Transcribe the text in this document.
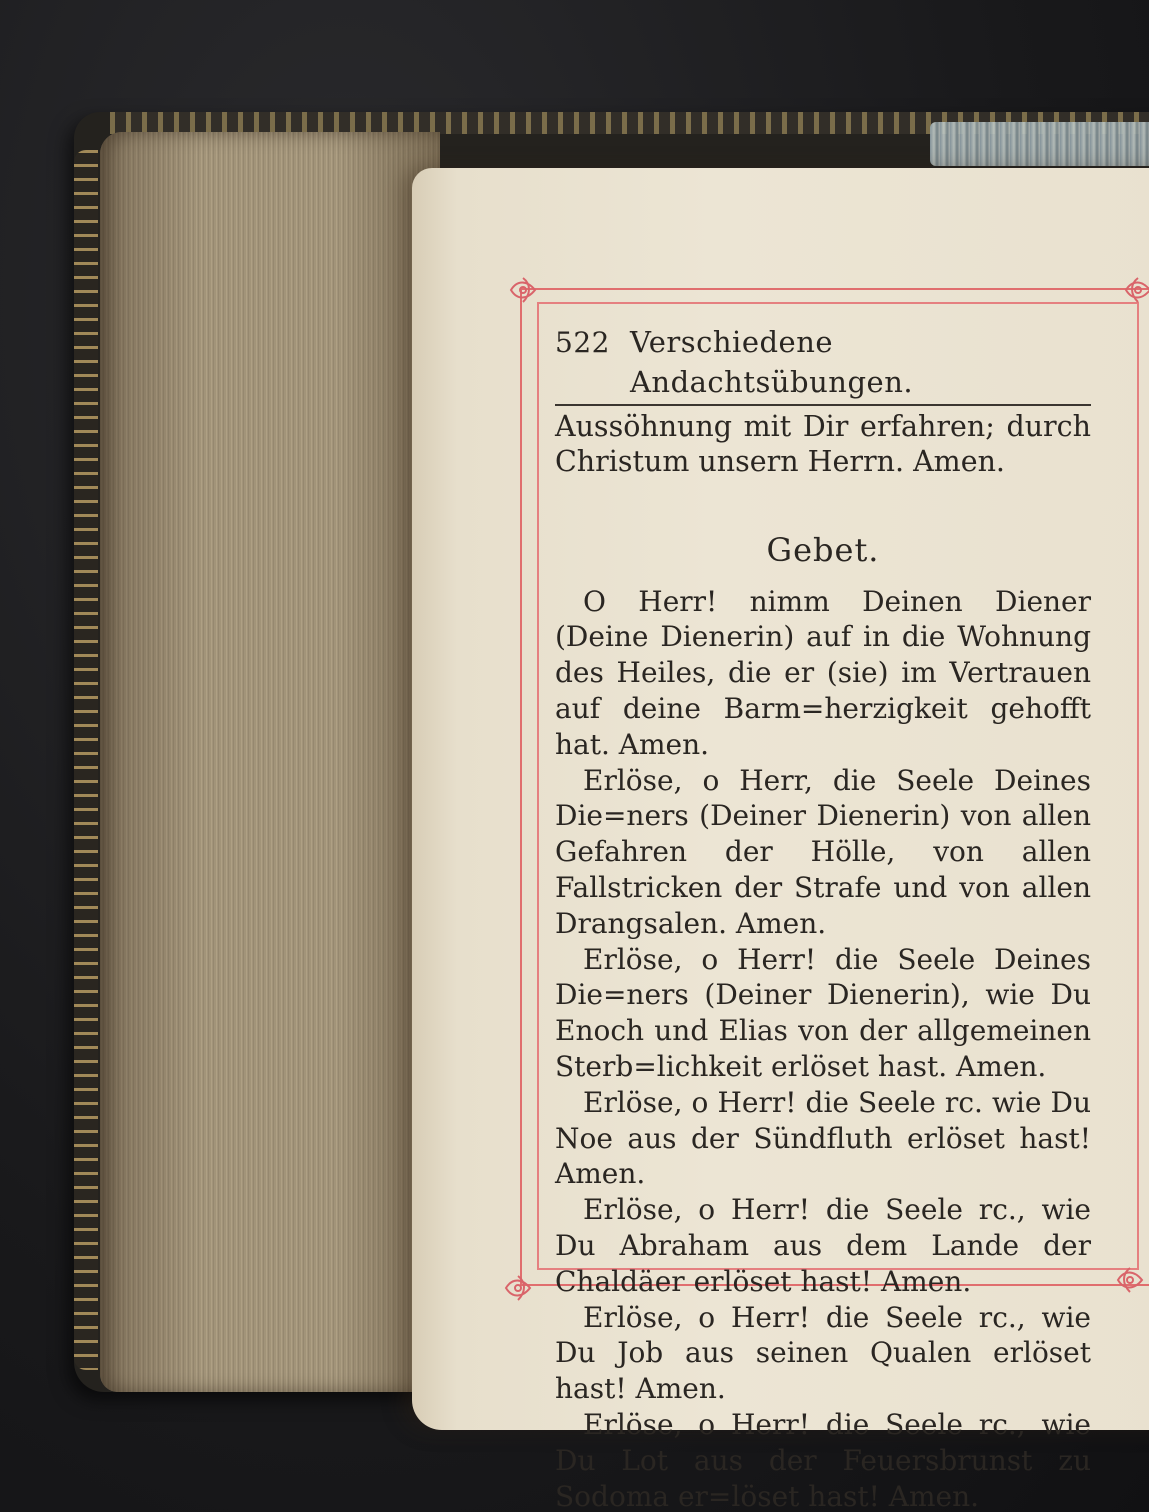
522 Verschiedene Andachtsübungen.

Aussöhnung mit Dir erfahren; durch Christum unsern Herrn. Amen.

Gebet.

O Herr! nimm Deinen Diener (Deine Dienerin) auf in die Wohnung des Heiles, die er (sie) im Vertrauen auf deine Barm=herzigkeit gehofft hat. Amen.

Erlöse, o Herr, die Seele Deines Die=ners (Deiner Dienerin) von allen Gefahren der Hölle, von allen Fallstricken der Strafe und von allen Drangsalen. Amen.

Erlöse, o Herr! die Seele Deines Die=ners (Deiner Dienerin), wie Du Enoch und Elias von der allgemeinen Sterb=lichkeit erlöset hast. Amen.

Erlöse, o Herr! die Seele rc. wie Du Noe aus der Sündfluth erlöset hast! Amen.

Erlöse, o Herr! die Seele rc., wie Du Abraham aus dem Lande der Chaldäer erlöset hast! Amen.

Erlöse, o Herr! die Seele rc., wie Du Job aus seinen Qualen erlöset hast! Amen.

Erlöse, o Herr! die Seele rc., wie Du Lot aus der Feuersbrunst zu Sodoma er=löset hast! Amen.
